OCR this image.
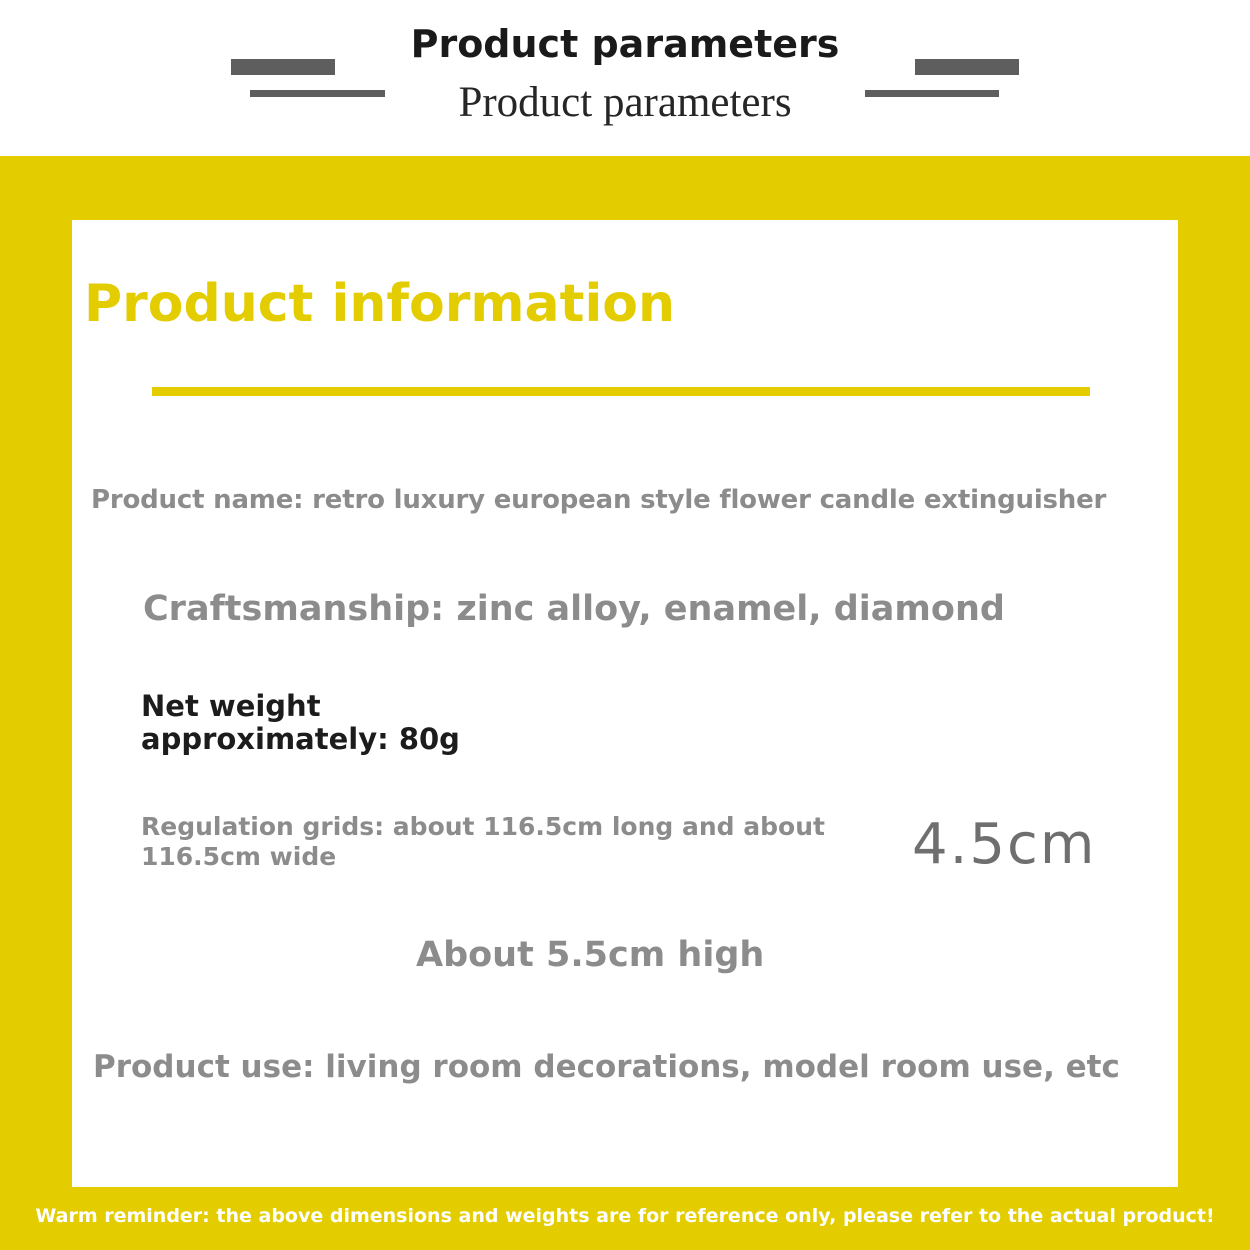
Product parameters
Product parameters
Product information
Product name: retro luxury european style flower candle extinguisher
Craftsmanship: zinc alloy, enamel, diamond
Net weight
approximately: 80g
Regulation grids: about 116.5cm long and about 116.5cm wide	4.5cm
About 5.5cm high
Product use: living room decorations, model room use, etc
Warm reminder: the above dimensions and weights are for reference only, please refer to the actual product!
